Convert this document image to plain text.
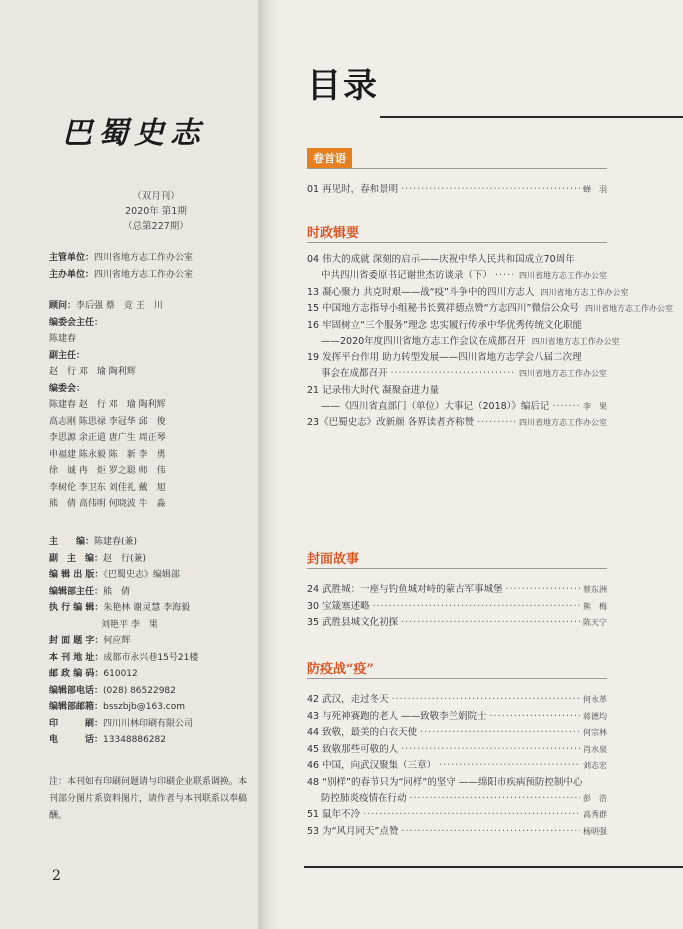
巴蜀史志
（双月刊）
2020年 第1期
（总第227期）
主管单位：四川省地方志工作办公室
主办单位：四川省地方志工作办公室
顾问：李后强 蔡　竞 王　川
编委会主任：
陈建春
副主任：
赵　行 邓　瑜 陶利辉
编委会：
陈建春 赵　行 邓　瑜 陶利辉
高志刚 陈思禄 李冠华 邱　俊
李思源 余正道 唐广生 周正琴
申福建 陈永毅 陈　新 李　勇
徐　诚 冉　炬 罗之聪 师　伟
李树伦 李卫东 刘佳礼 戴　旭
熊　倩 高伟明 何晓波 牛　淼
主　　编：陈建春(兼)
副　主　编：赵　行(兼)
编 辑 出 版：《巴蜀史志》编辑部
编辑部主任：熊　倩
执 行 编 辑：朱艳林 谢灵慧 李海毅
刘艳平 李　果
封 面 题 字：何应辉
本 刊 地 址：成都市永兴巷15号21楼
邮 政 编 码：610012
编辑部电话：(028) 86522982
编辑部邮箱：bsszbjb@163.com
印　　　刷：四川川林印刷有限公司
电　　　话：13348886282
注：本刊如有印刷问题请与印刷企业联系调换。本刊部分图片系资料图片，请作者与本刊联系以奉稿酬。
2
目录
卷首语
01 再见时，春和景明 ·····	蝉　羽
时政辑要
04 伟大的成就 深刻的启示——庆祝中华人民共和国成立70周年
中共四川省委原书记谢世杰访谈录（下） ·····	四川省地方志工作办公室
13 凝心聚力 共克时艰——战“疫”斗争中的四川方志人 四川省地方志工作办公室
15 中国地方志指导小组秘书长冀祥德点赞“方志四川”微信公众号 四川省地方志工作办公室
16 牢固树立“三个服务”理念 忠实履行传承中华优秀传统文化职能
——2020年度四川省地方志工作会议在成都召开 四川省地方志工作办公室
19 发挥平台作用 助力转型发展——四川省地方志学会八届二次理
事会在成都召开 ·····	四川省地方志工作办公室
21 记录伟大时代 凝聚奋进力量
——《四川省直部门（单位）大事记（2018）》编后记 ·····	李　果
23《巴蜀史志》改新颜 各界读者齐称赞 ·····	四川省地方志工作办公室
封面故事
24 武胜城：一座与钓鱼城对峙的蒙古军事城堡 ·····	蔡东洲
30 宝箴塞述略 ·····	熊　梅
35 武胜县城文化初探 ·····	陈天宁
防疫战“疫”
42 武汉，走过冬天 ·····	何永革
43 与死神赛跑的老人 ——致敬李兰娟院士 ·····	蒋德均
44 致敬，最美的白衣天使 ·····	何宗林
45 致敬那些可敬的人 ·····	肖水泉
46 中国，向武汉聚集（三章） ·····	刘志宏
48 “别样”的春节只为“同样”的坚守 ——绵阳市疾病预防控制中心
防控肺炎疫情在行动 ·····	彭　浩
51 鼠年不冷 ·····	高秀群
53 为“风月同天”点赞 ·····	杨明强
